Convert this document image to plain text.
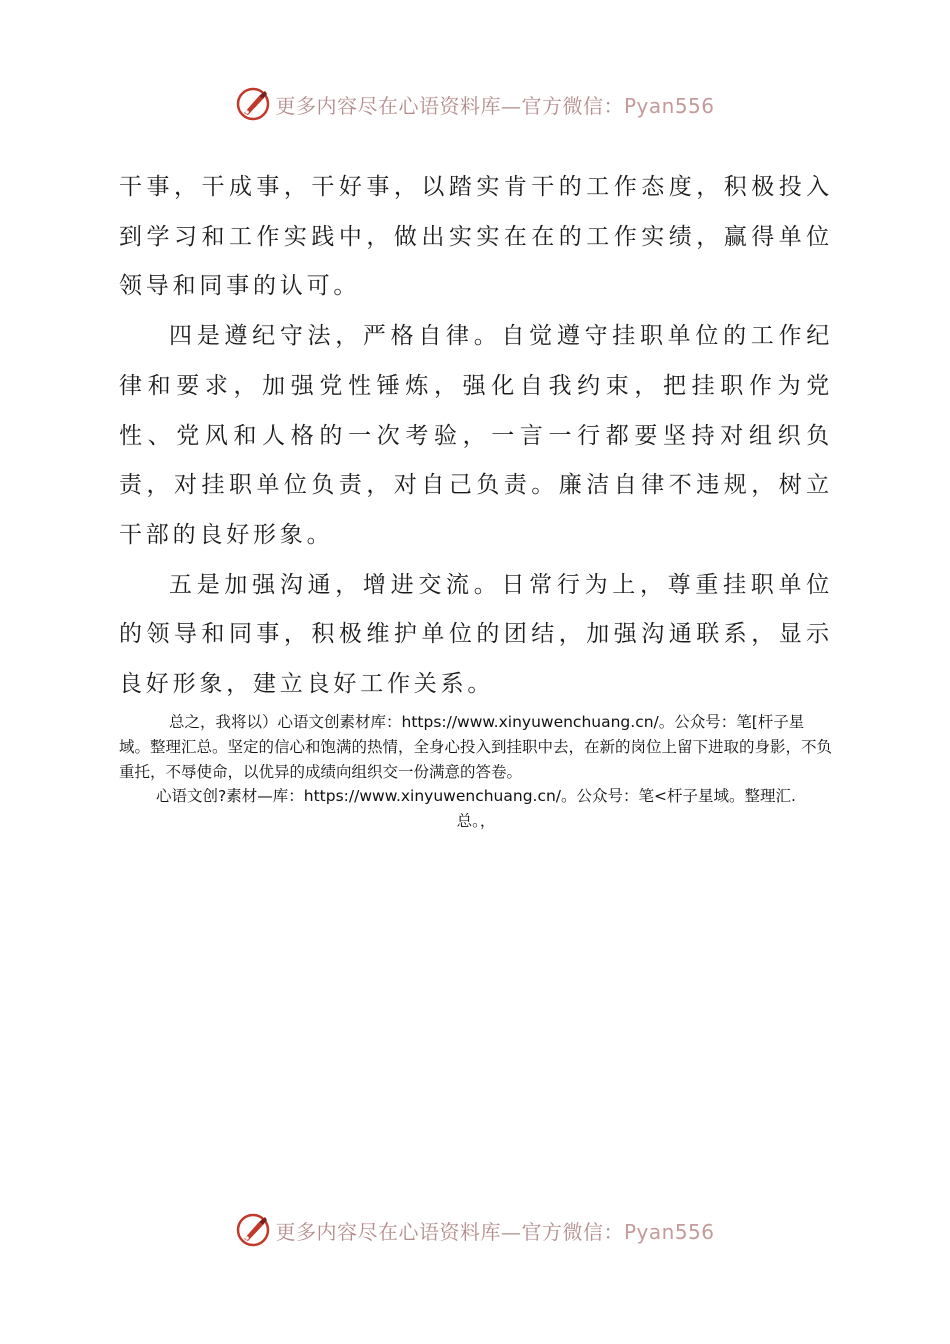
更多内容尽在心语资料库—官方微信：Pyan556

干事，干成事，干好事，以踏实肯干的工作态度，积极投入到学习和工作实践中，做出实实在在的工作实绩，赢得单位领导和同事的认可。

四是遵纪守法，严格自律。自觉遵守挂职单位的工作纪律和要求，加强党性锤炼，强化自我约束，把挂职作为党性、党风和人格的一次考验，一言一行都要坚持对组织负责，对挂职单位负责，对自己负责。廉洁自律不违规，树立干部的良好形象。

五是加强沟通，增进交流。日常行为上，尊重挂职单位的领导和同事，积极维护单位的团结，加强沟通联系，显示良好形象，建立良好工作关系。

总之，我将以）心语文创素材库：https://www.xinyuwenchuang.cn/。公众号：笔[杆子星域。整理汇总。坚定的信心和饱满的热情，全身心投入到挂职中去，在新的岗位上留下进取的身影，不负重托，不辱使命，以优异的成绩向组织交一份满意的答卷。
心语文创?素材—库：https://www.xinyuwenchuang.cn/。公众号：笔<杆子星域。整理汇.
总。，
更多内容尽在心语资料库—官方微信：Pyan556
